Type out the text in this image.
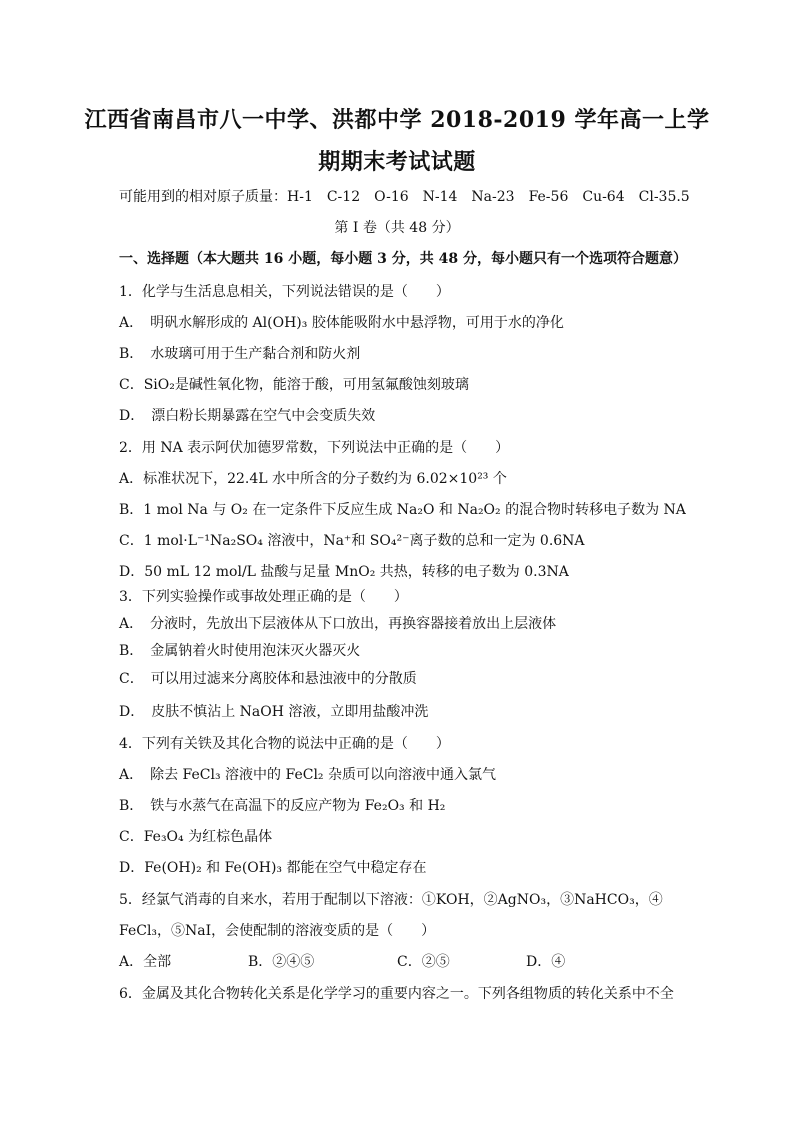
江西省南昌市八一中学、洪都中学 2018-2019 学年高一上学
期期末考试试题
可能用到的相对原子质量：H-1　C-12　O-16　N-14　Na-23　Fe-56　Cu-64　Cl-35.5
第 I 卷（共 48 分）
一、选择题（本大题共 16 小题，每小题 3 分，共 48 分，每小题只有一个选项符合题意）
1．化学与生活息息相关，下列说法错误的是（　　）
A．　明矾水解形成的 Al(OH)₃ 胶体能吸附水中悬浮物，可用于水的净化
B．　水玻璃可用于生产黏合剂和防火剂
C．SiO₂是碱性氧化物，能溶于酸，可用氢氟酸蚀刻玻璃
D．　漂白粉长期暴露在空气中会变质失效
2．用 NA 表示阿伏加德罗常数，下列说法中正确的是（　　）
A．标准状况下，22.4L 水中所含的分子数约为 6.02×10²³ 个
B．1 mol Na 与 O₂ 在一定条件下反应生成 Na₂O 和 Na₂O₂ 的混合物时转移电子数为 NA
C．1 mol·L⁻¹Na₂SO₄ 溶液中，Na⁺和 SO₄²⁻离子数的总和一定为 0.6NA
D．50 mL 12 mol/L 盐酸与足量 MnO₂ 共热，转移的电子数为 0.3NA
3．下列实验操作或事故处理正确的是（　　）
A．　分液时，先放出下层液体从下口放出，再换容器接着放出上层液体
B．　金属钠着火时使用泡沫灭火器灭火
C．　可以用过滤来分离胶体和悬浊液中的分散质
D．　皮肤不慎沾上 NaOH 溶液，立即用盐酸冲洗
4．下列有关铁及其化合物的说法中正确的是（　　）
A．　除去 FeCl₃ 溶液中的 FeCl₂ 杂质可以向溶液中通入氯气
B．　铁与水蒸气在高温下的反应产物为 Fe₂O₃ 和 H₂
C．Fe₃O₄ 为红棕色晶体
D．Fe(OH)₂ 和 Fe(OH)₃ 都能在空气中稳定存在
5．经氯气消毒的自来水，若用于配制以下溶液：①KOH，②AgNO₃，③NaHCO₃，④
FeCl₃，⑤NaI，会使配制的溶液变质的是（　　）
A．全部	B．②④⑤	C．②⑤	D．④
6．金属及其化合物转化关系是化学学习的重要内容之一。下列各组物质的转化关系中不全
